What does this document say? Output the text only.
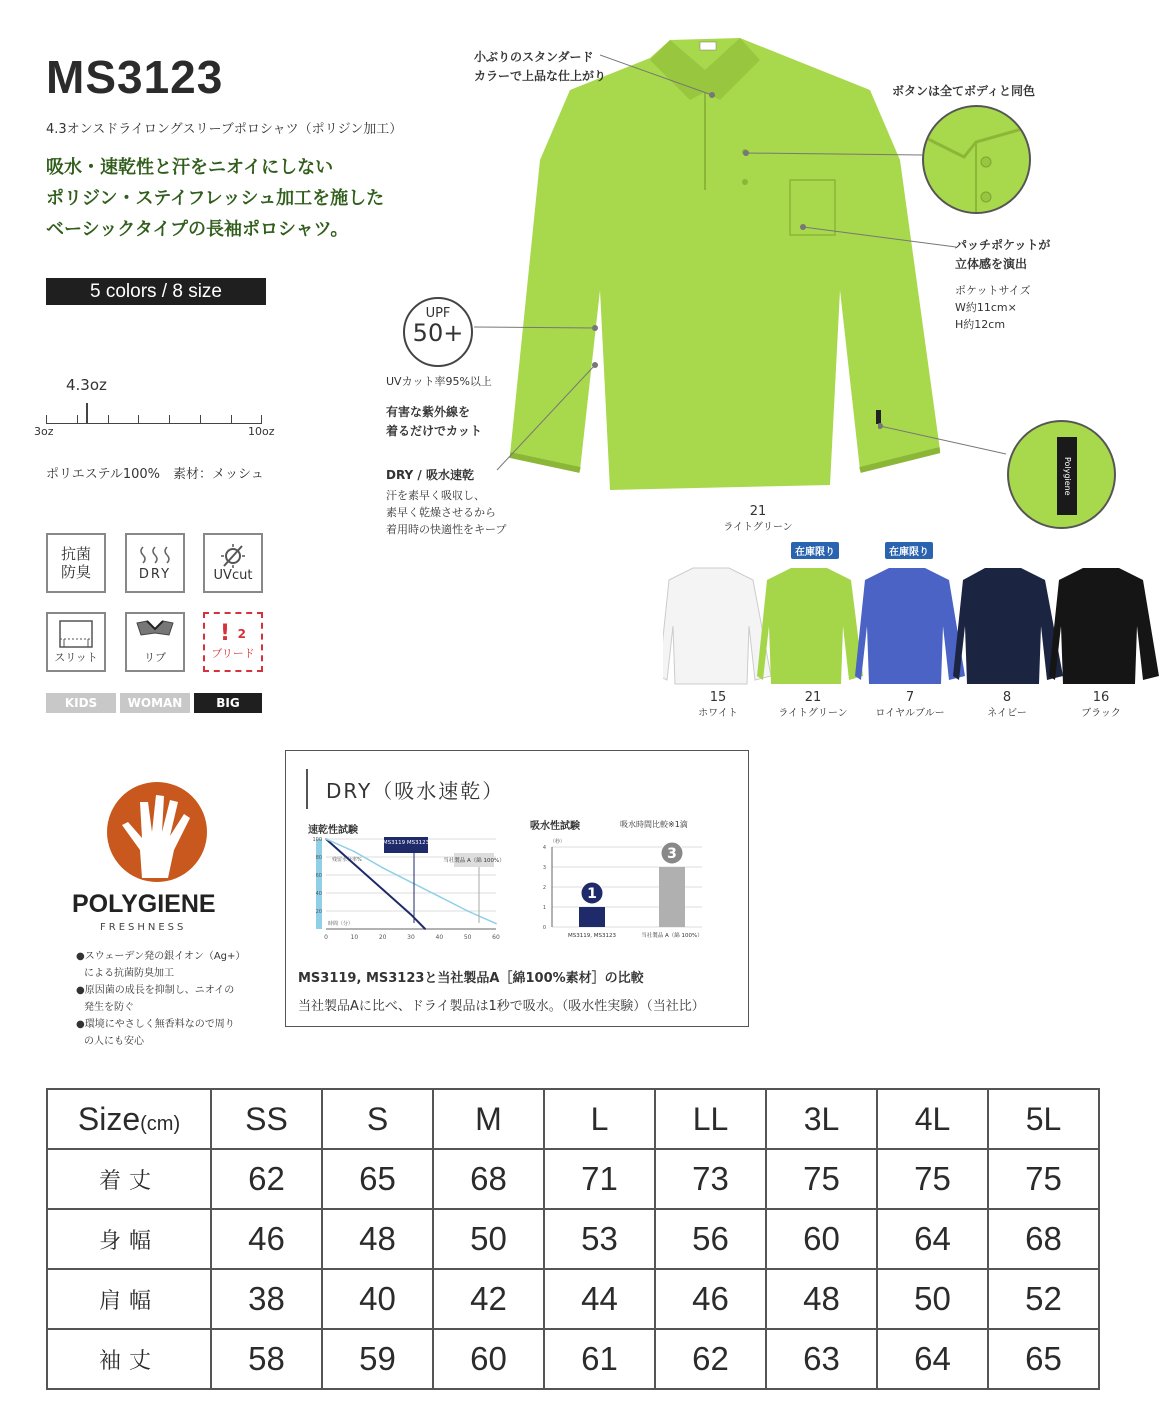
MS3123
4.3オンスドライロングスリーブポロシャツ（ポリジン加工）
吸水・速乾性と汗をニオイにしない
ポリジン・ステイフレッシュ加工を施した
ベーシックタイプの長袖ポロシャツ。
5 colors / 8 size
4.3oz
3oz	10oz
ポリエステル100%　素材：メッシュ
抗菌
防臭	DRY	UVcut
スリット	リブ
! $^2$
ブリード
KIDS	WOMAN	BIG
小ぶりのスタンダード
カラーで上品な仕上がり
ボタンは全てボディと同色
パッチポケットが
立体感を演出
ポケットサイズ
W約11cm×
H約12cm
UPF
50+
UVカット率95%以上
有害な紫外線を
着るだけでカット
DRY / 吸水速乾
汗を素早く吸収し、
素早く乾燥させるから
着用時の快適性をキープ
Polygiene
21
ライトグリーン
在庫限り	在庫限り
15
ホワイト
21
ライトグリーン
7
ロイヤルブルー
8
ネイビー
16
ブラック
POLYGIENE
FRESHNESS
●スウェーデン発の銀イオン（Ag+）
による抗菌防臭加工
●原因菌の成長を抑制し、ニオイの
発生を防ぐ
●環境にやさしく無香料なので周り
の人にも安心
DRY（吸水速乾）
速乾性試験	吸水性試験	吸水時間比較※1滴
100
80
60
40
20
0	10	20	30	40	50	60
時間（分）
残留水分率%
MS3119 MS3123
当社製品 A（綿 100%）
（秒）
4
3
2
1
0
1
MS3119, MS3123
3
当社製品 A（綿 100%）
MS3119, MS3123と当社製品A［綿100%素材］の比較
当社製品Aに比べ、ドライ製品は1秒で吸水。（吸水性実験）（当社比）
Size(cm)	SS	S	M	L	LL	3L	4L	5L
着丈	62	65	68	71	73	75	75	75
身幅	46	48	50	53	56	60	64	68
肩幅	38	40	42	44	46	48	50	52
袖丈	58	59	60	61	62	63	64	65
